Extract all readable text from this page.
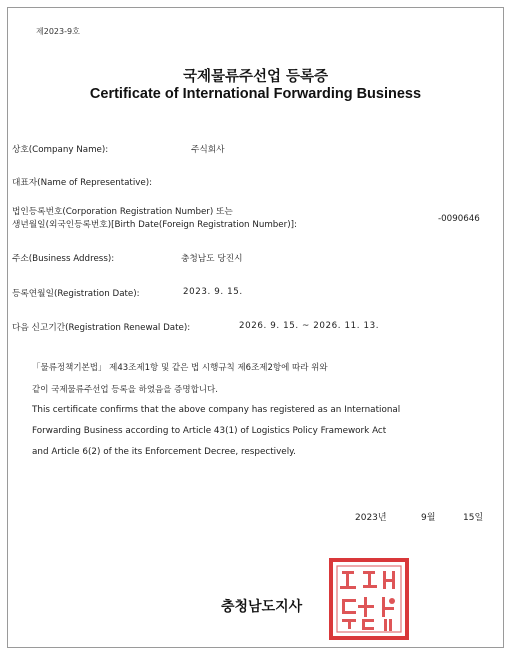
제2023-9호
국제물류주선업 등록증
Certificate of International Forwarding Business
상호(Company Name):	주식회사
대표자(Name of Representative):
법인등록번호(Corporation Registration Number) 또는
생년월일(외국인등록번호)[Birth Date(Foreign Registration Number)]:
-0090646
주소(Business Address):	충청남도 당진시
등록연월일(Registration Date):	2023. 9. 15.
다음 신고기간(Registration Renewal Date):	2026. 9. 15. ~ 2026. 11. 13.
「물류정책기본법」 제43조제1항 및 같은 법 시행규칙 제6조제2항에 따라 위와
같이 국제물류주선업 등록을 하였음을 증명합니다.
This certificate confirms that the above company has registered as an International
Forwarding Business according to Article 43(1) of Logistics Policy Framework Act
and Article 6(2) of the its Enforcement Decree, respectively.
2023년	9월	15일
충청남도지사
